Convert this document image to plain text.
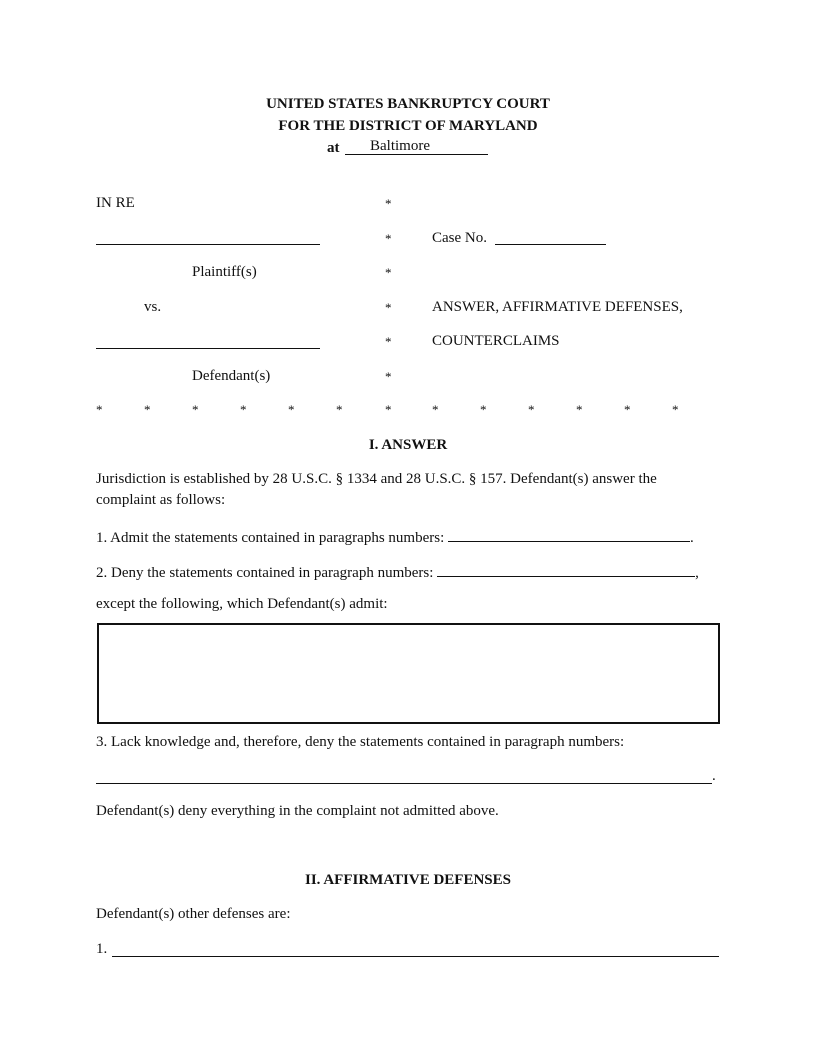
UNITED STATES BANKRUPTCY COURT
FOR THE DISTRICT OF MARYLAND
at Baltimore
IN RE
Plaintiff(s)
vs.
Defendant(s)
*
*
*
*
*
*
Case No.
ANSWER, AFFIRMATIVE DEFENSES,
COUNTERCLAIMS
*	*	*	*	*	*	*	*	*	*	*	*	*
I. ANSWER
Jurisdiction is established by 28 U.S.C. § 1334 and 28 U.S.C. § 157. Defendant(s) answer the
complaint as follows:
1. Admit the statements contained in paragraphs numbers:	.
2. Deny the statements contained in paragraph numbers:	,
except the following, which Defendant(s) admit:
3. Lack knowledge and, therefore, deny the statements contained in paragraph numbers:
.
Defendant(s) deny everything in the complaint not admitted above.
II. AFFIRMATIVE DEFENSES
Defendant(s) other defenses are:
1.
